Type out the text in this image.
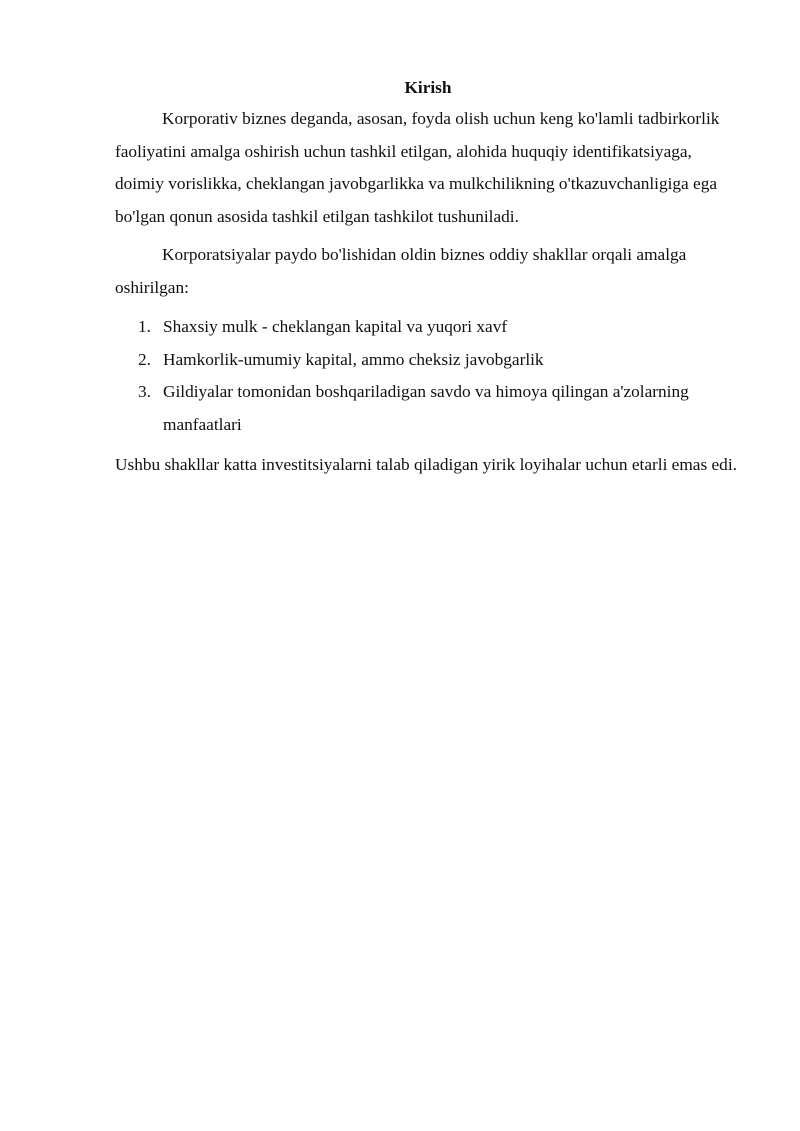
Kirish

Korporativ biznes deganda, asosan, foyda olish uchun keng ko'lamli tadbirkorlik faoliyatini amalga oshirish uchun tashkil etilgan, alohida huquqiy identifikatsiyaga, doimiy vorislikka, cheklangan javobgarlikka va mulkchilikning o'tkazuvchanligiga ega bo'lgan qonun asosida tashkil etilgan tashkilot tushuniladi.

Korporatsiyalar paydo bo'lishidan oldin biznes oddiy shakllar orqali amalga oshirilgan:

1. Shaxsiy mulk - cheklangan kapital va yuqori xavf
2. Hamkorlik-umumiy kapital, ammo cheksiz javobgarlik
3. Gildiyalar tomonidan boshqariladigan savdo va himoya qilingan a'zolarning manfaatlari

Ushbu shakllar katta investitsiyalarni talab qiladigan yirik loyihalar uchun etarli emas edi.
